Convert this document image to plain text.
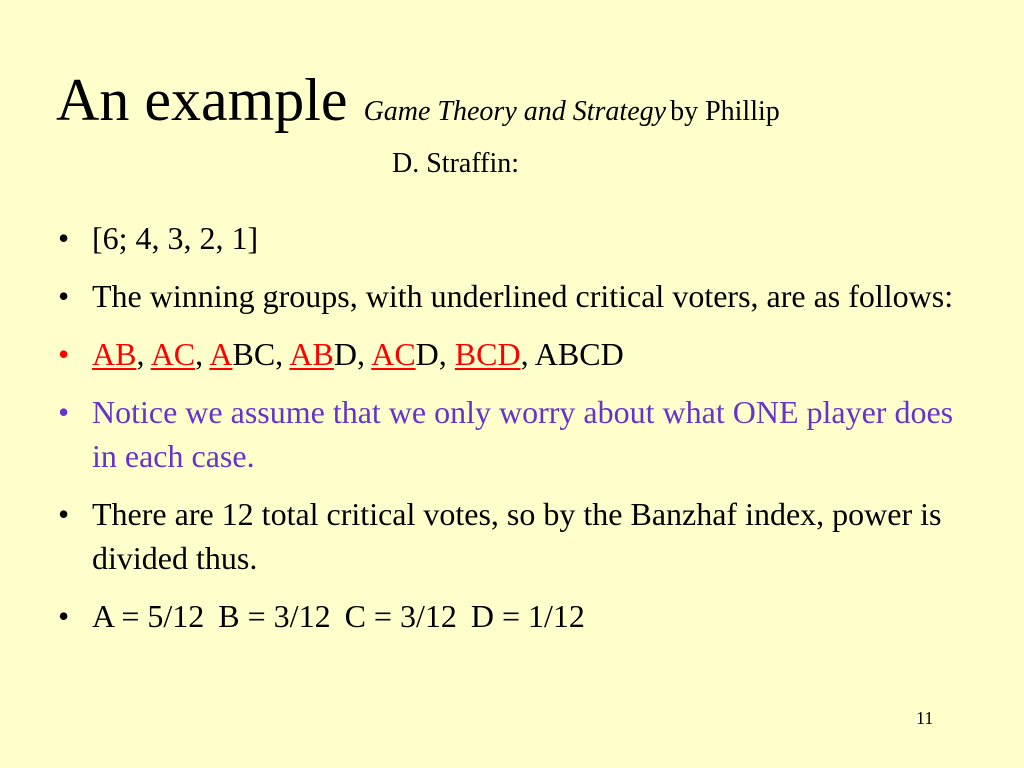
An example Game Theory and Strategy by Phillip
D. Straffin:
• [6; 4, 3, 2, 1]
• The winning groups, with underlined critical voters, are as follows:
• AB, AC, ABC, ABD, ACD, BCD, ABCD
• Notice we assume that we only worry about what ONE player does in each case.
• There are 12 total critical votes, so by the Banzhaf index, power is divided thus.
• A = 5/12 B = 3/12 C = 3/12 D = 1/12
11
